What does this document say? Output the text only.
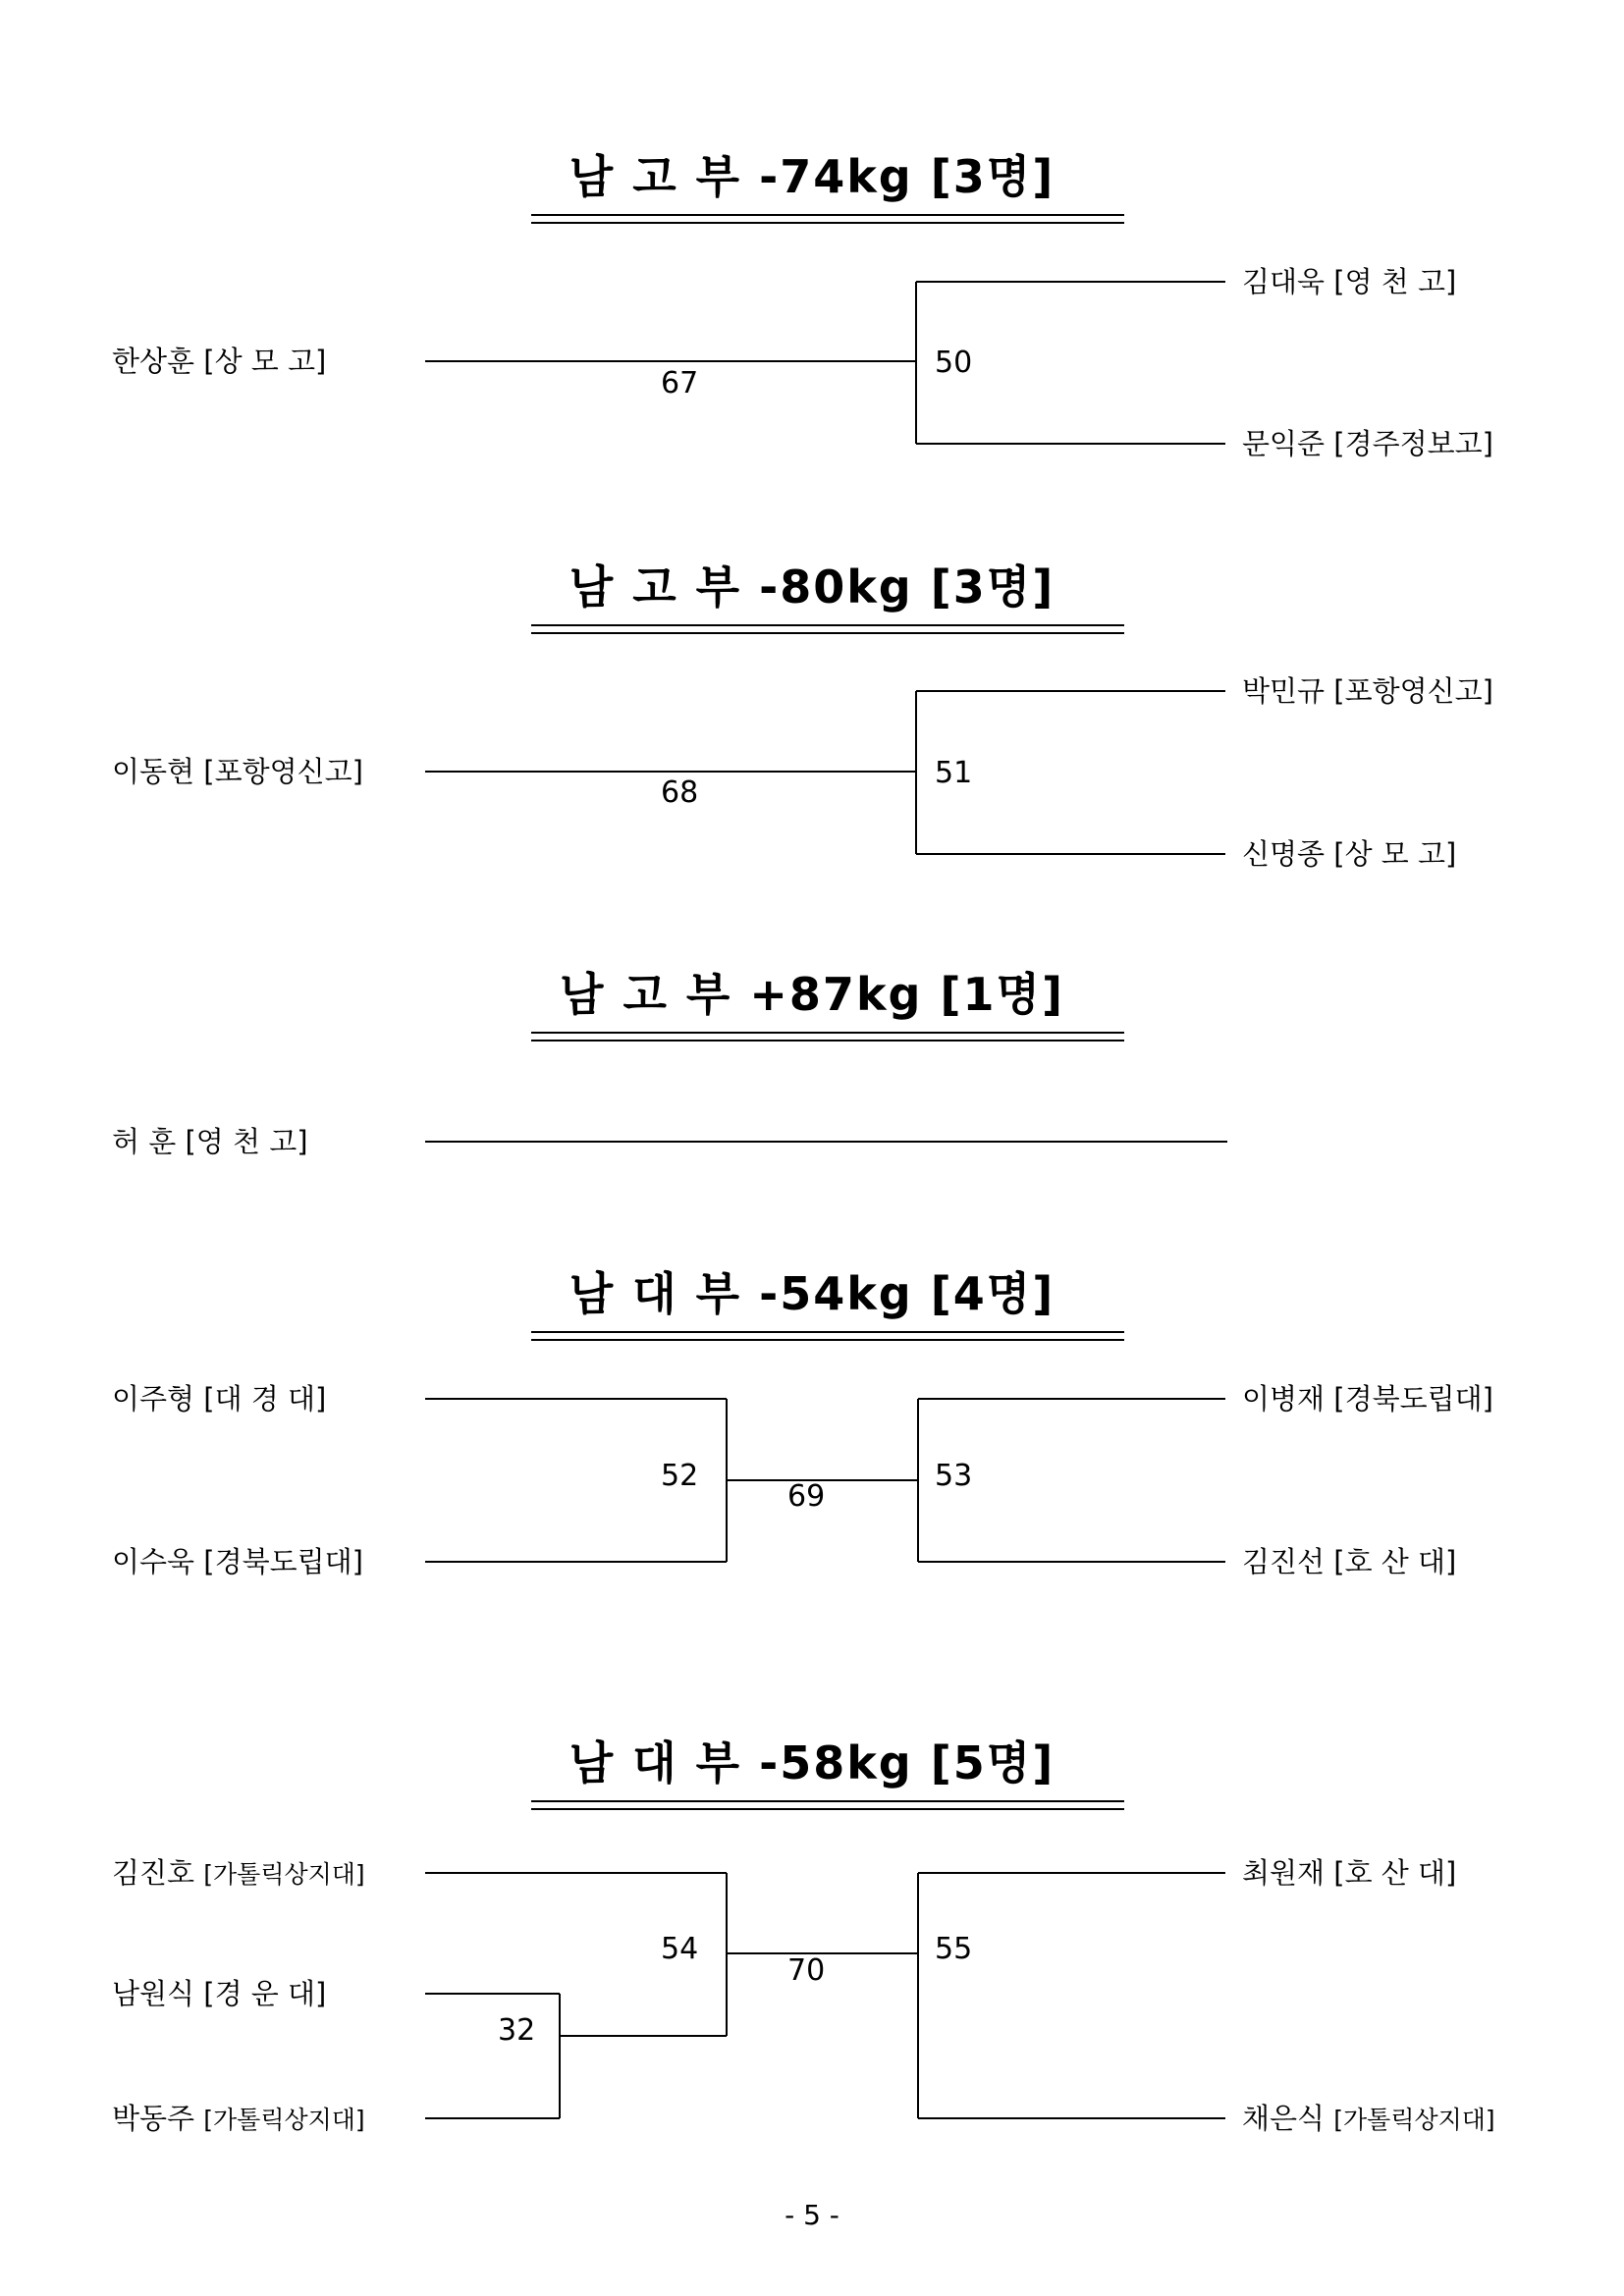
남 고 부 -74kg [3명]
한상훈 [상 모 고]
김대욱 [영 천 고]
문익준 [경주정보고]
67
50
남 고 부 -80kg [3명]
이동현 [포항영신고]
박민규 [포항영신고]
신명종 [상 모 고]
68
51
남 고 부 +87kg [1명]
허 훈 [영 천 고]
남 대 부 -54kg [4명]
이주형 [대 경 대]
이수욱 [경북도립대]
이병재 [경북도립대]
김진선 [호 산 대]
52
69
53
남 대 부 -58kg [5명]
김진호 [가톨릭상지대]
남원식 [경 운 대]
박동주 [가톨릭상지대]
최원재 [호 산 대]
채은식 [가톨릭상지대]
54
32
70
55
- 5 -
